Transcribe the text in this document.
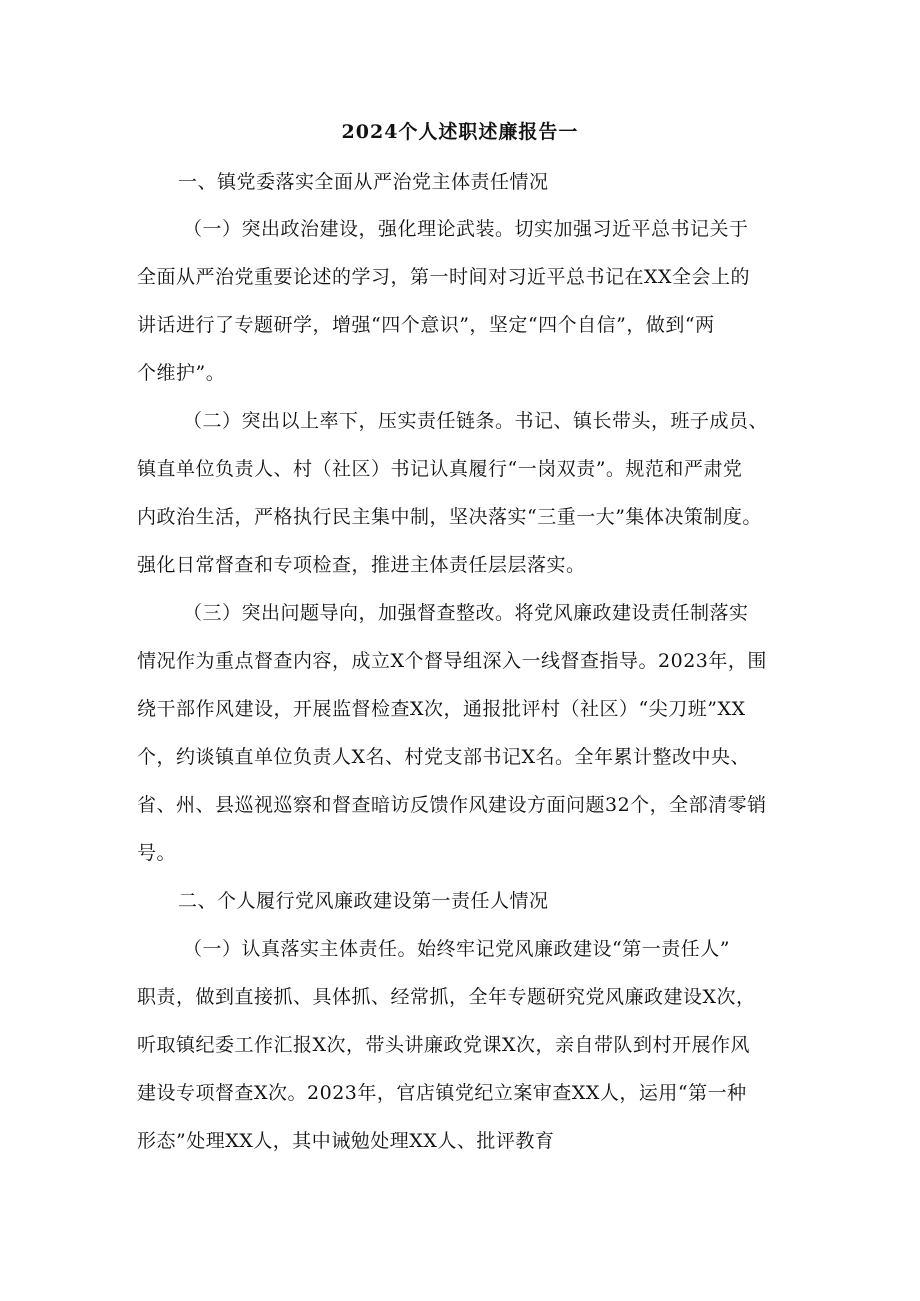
2024个人述职述廉报告一
一、镇党委落实全面从严治党主体责任情况
（一）突出政治建设，强化理论武装。切实加强习近平总书记关于
全面从严治党重要论述的学习，第一时间对习近平总书记在XX全会上的
讲话进行了专题研学，增强“四个意识”，坚定“四个自信”，做到“两
个维护”。
（二）突出以上率下，压实责任链条。书记、镇长带头，班子成员、
镇直单位负责人、村（社区）书记认真履行“一岗双责”。规范和严肃党
内政治生活，严格执行民主集中制，坚决落实“三重一大”集体决策制度。
强化日常督查和专项检查，推进主体责任层层落实。
（三）突出问题导向，加强督查整改。将党风廉政建设责任制落实
情况作为重点督查内容，成立X个督导组深入一线督查指导。2023年，围
绕干部作风建设，开展监督检查X次，通报批评村（社区）“尖刀班”XX
个，约谈镇直单位负责人X名、村党支部书记X名。全年累计整改中央、
省、州、县巡视巡察和督查暗访反馈作风建设方面问题32个，全部清零销
号。
二、个人履行党风廉政建设第一责任人情况
（一）认真落实主体责任。始终牢记党风廉政建设“第一责任人”
职责，做到直接抓、具体抓、经常抓，全年专题研究党风廉政建设X次，
听取镇纪委工作汇报X次，带头讲廉政党课X次，亲自带队到村开展作风
建设专项督查X次。2023年，官店镇党纪立案审查XX人，运用“第一种
形态”处理XX人，其中诫勉处理XX人、批评教育
